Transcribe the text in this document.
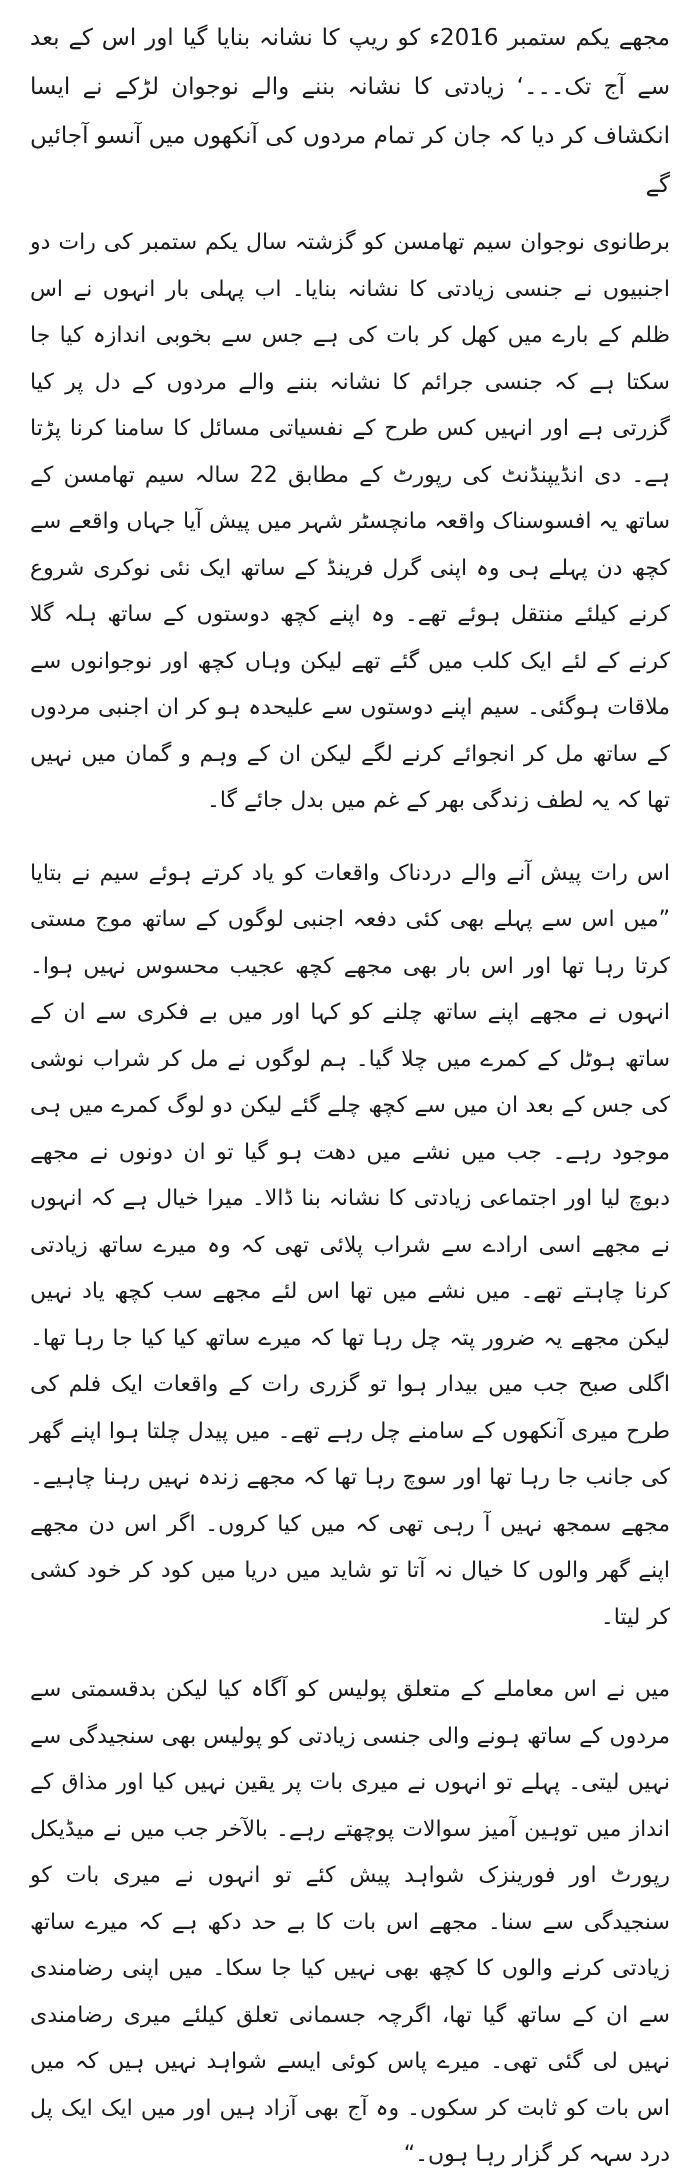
مجھے یکم ستمبر 2016ء کو ریپ کا نشانہ بنایا گیا اور اس کے بعد سے آج تک۔۔۔‘ زیادتی کا نشانہ بننے والے نوجوان لڑکے نے ایسا انکشاف کر دیا کہ جان کر تمام مردوں کی آنکھوں میں آنسو آجائیں گے

برطانوی نوجوان سیم تھامسن کو گزشتہ سال یکم ستمبر کی رات دو اجنبیوں نے جنسی زیادتی کا نشانہ بنایا۔ اب پہلی بار انہوں نے اس ظلم کے بارے میں کھل کر بات کی ہے جس سے بخوبی اندازہ کیا جا سکتا ہے کہ جنسی جرائم کا نشانہ بننے والے مردوں کے دل پر کیا گزرتی ہے اور انہیں کس طرح کے نفسیاتی مسائل کا سامنا کرنا پڑتا ہے۔ دی انڈیپنڈنٹ کی رپورٹ کے مطابق 22 سالہ سیم تھامسن کے ساتھ یہ افسوسناک واقعہ مانچسٹر شہر میں پیش آیا جہاں واقعے سے کچھ دن پہلے ہی وہ اپنی گرل فرینڈ کے ساتھ ایک نئی نوکری شروع کرنے کیلئے منتقل ہوئے تھے۔ وہ اپنے کچھ دوستوں کے ساتھ ہلہ گلا کرنے کے لئے ایک کلب میں گئے تھے لیکن وہاں کچھ اور نوجوانوں سے ملاقات ہوگئی۔ سیم اپنے دوستوں سے علیحدہ ہو کر ان اجنبی مردوں کے ساتھ مل کر انجوائے کرنے لگے لیکن ان کے وہم و گمان میں نہیں تھا کہ یہ لطف زندگی بھر کے غم میں بدل جائے گا۔

اس رات پیش آنے والے دردناک واقعات کو یاد کرتے ہوئے سیم نے بتایا ”میں اس سے پہلے بھی کئی دفعہ اجنبی لوگوں کے ساتھ موج مستی کرتا رہا تھا اور اس بار بھی مجھے کچھ عجیب محسوس نہیں ہوا۔ انہوں نے مجھے اپنے ساتھ چلنے کو کہا اور میں بے فکری سے ان کے ساتھ ہوٹل کے کمرے میں چلا گیا۔ ہم لوگوں نے مل کر شراب نوشی کی جس کے بعد ان میں سے کچھ چلے گئے لیکن دو لوگ کمرے میں ہی موجود رہے۔ جب میں نشے میں دھت ہو گیا تو ان دونوں نے مجھے دبوچ لیا اور اجتماعی زیادتی کا نشانہ بنا ڈالا۔ میرا خیال ہے کہ انہوں نے مجھے اسی ارادے سے شراب پلائی تھی کہ وہ میرے ساتھ زیادتی کرنا چاہتے تھے۔ میں نشے میں تھا اس لئے مجھے سب کچھ یاد نہیں لیکن مجھے یہ ضرور پتہ چل رہا تھا کہ میرے ساتھ کیا کیا جا رہا تھا۔ اگلی صبح جب میں بیدار ہوا تو گزری رات کے واقعات ایک فلم کی طرح میری آنکھوں کے سامنے چل رہے تھے۔ میں پیدل چلتا ہوا اپنے گھر کی جانب جا رہا تھا اور سوچ رہا تھا کہ مجھے زندہ نہیں رہنا چاہیے۔ مجھے سمجھ نہیں آ رہی تھی کہ میں کیا کروں۔ اگر اس دن مجھے اپنے گھر والوں کا خیال نہ آتا تو شاید میں دریا میں کود کر خود کشی کر لیتا۔

میں نے اس معاملے کے متعلق پولیس کو آگاہ کیا لیکن بدقسمتی سے مردوں کے ساتھ ہونے والی جنسی زیادتی کو پولیس بھی سنجیدگی سے نہیں لیتی۔ پہلے تو انہوں نے میری بات پر یقین نہیں کیا اور مذاق کے انداز میں توہین آمیز سوالات پوچھتے رہے۔ بالآخر جب میں نے میڈیکل رپورٹ اور فورینزک شواہد پیش کئے تو انہوں نے میری بات کو سنجیدگی سے سنا۔ مجھے اس بات کا بے حد دکھ ہے کہ میرے ساتھ زیادتی کرنے والوں کا کچھ بھی نہیں کیا جا سکا۔ میں اپنی رضامندی سے ان کے ساتھ گیا تھا، اگرچہ جسمانی تعلق کیلئے میری رضامندی نہیں لی گئی تھی۔ میرے پاس کوئی ایسے شواہد نہیں ہیں کہ میں اس بات کو ثابت کر سکوں۔ وہ آج بھی آزاد ہیں اور میں ایک ایک پل درد سہہ کر گزار رہا ہوں۔“
